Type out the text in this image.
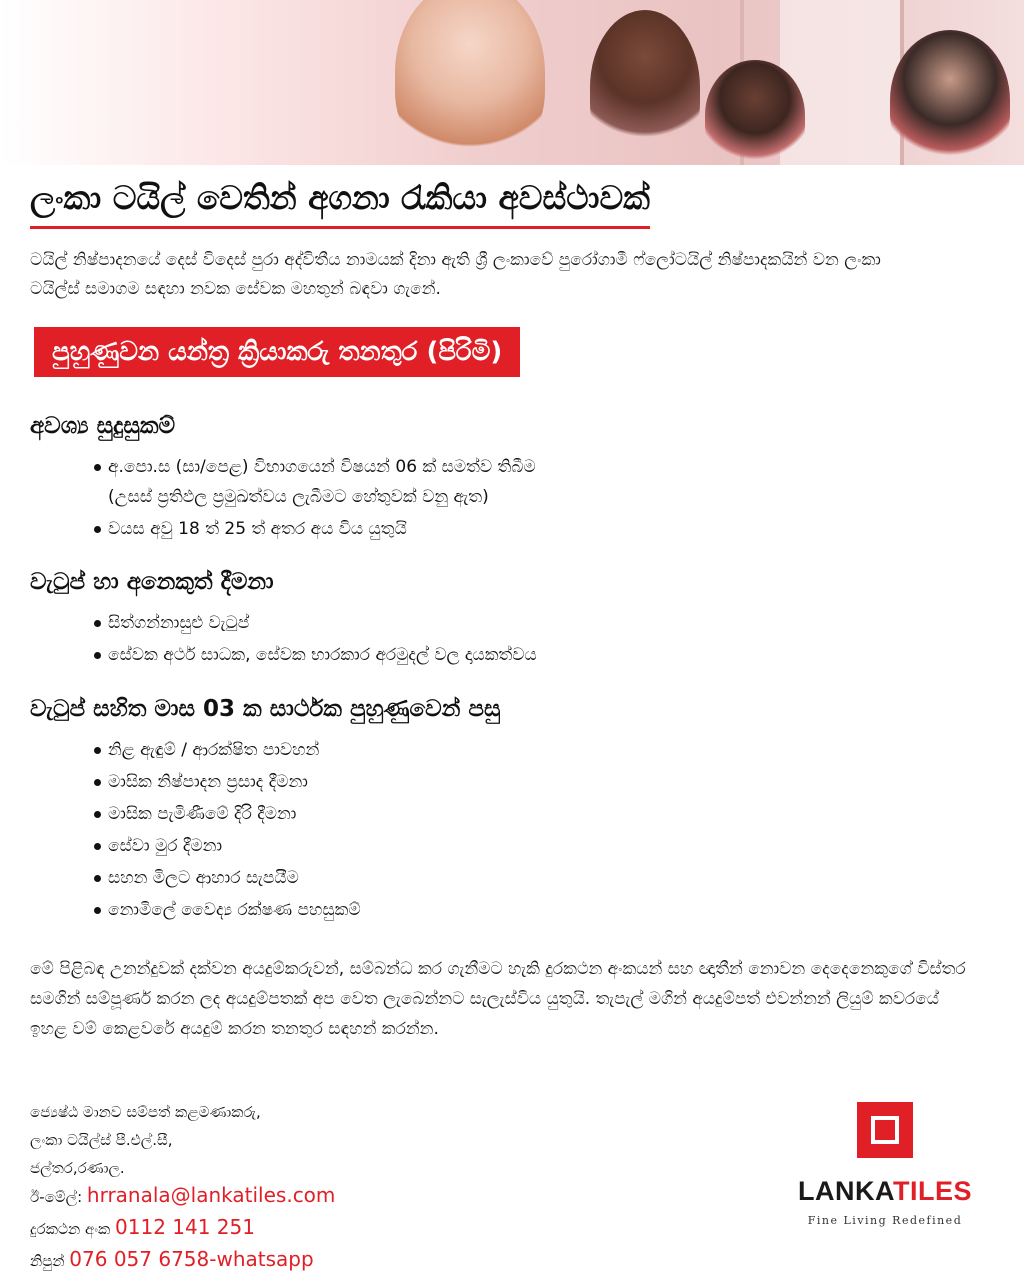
ලංකා ටයිල් වෙතින් අගනා රැකියා අවස්ථාවක්

ටයිල් නිෂ්පාදනයේ දෙස් විදෙස් පුරා අද්විතීය නාමයක් දිනා ඇති ශ්‍රී ලංකාවේ පුරෝගාමී ෆ්ලෝටයිල් නිෂ්පාදකයින් වන ලංකා ටයිල්ස් සමාගම සඳහා නවක සේවක මහතුන් බඳවා ගැනේ.

පුහුණුවන යන්ත්‍ර ක්‍රියාකරු තනතුර (පිරිමි)
අවශ්‍ය සුදුසුකම්
අ.පො.ස (සා/පෙළ) විභාගයෙන් විෂයන් 06 ක් සමත්ව තිබීම
(උසස් ප්‍රතිඵල ප්‍රමුඛත්වය ලැබීමට හේතුවක් වනු ඇත)
වයස අවු 18 ත් 25 ත් අතර අය විය යුතුයි
වැටුප් හා අනෙකුත් දීමනා
සිත්ගන්නාසුළු වැටුප්
සේවක අර්ථ සාධක, සේවක භාරකාර අරමුදල් වල දායකත්වය
වැටුප් සහිත මාස 03 ක සාර්ථක පුහුණුවෙන් පසු
නිළ ඇඳුම් / ආරක්ෂිත පාවහන්
මාසික නිෂ්පාදන ප්‍රසාද දීමනා
මාසික පැමිණීමේ දිරි දීමනා
සේවා මුර දීමනා
සහන මිලට ආහාර සැපයීම
නොමිලේ වෛද්‍ය රක්ෂණ පහසුකම්

මේ පිළිබඳ උනන්දුවක් දක්වන අයදුම්කරුවන්, සම්බන්ධ කර ගැනීමට හැකි දුරකථන අංකයන් සහ ඥාතීන් නොවන දෙදෙනෙකුගේ විස්තර සමගින් සම්පූර්ණ කරන ලද අයදුම්පතක් අප වෙත ලැබෙන්නට සැලැස්විය යුතුයි. තැපැල් මගින් අයදුම්පත් එවන්නන් ලියුම් කවරයේ ඉහළ වම් කෙළවරේ අයදුම් කරන තනතුර සඳහන් කරන්න.

ජ්‍යෙෂ්ඨ මානව සම්පත් කළමණාකරු,
ලංකා ටයිල්ස් පී.එල්.සී,
ජල්තර,රණාල.
ඊ-මේල්: hrranala@lankatiles.com
දුරකථන අංක 0112 141 251
නිපුන් 076 057 6758-whatsapp
LANKATILES
Fine Living Redefined
